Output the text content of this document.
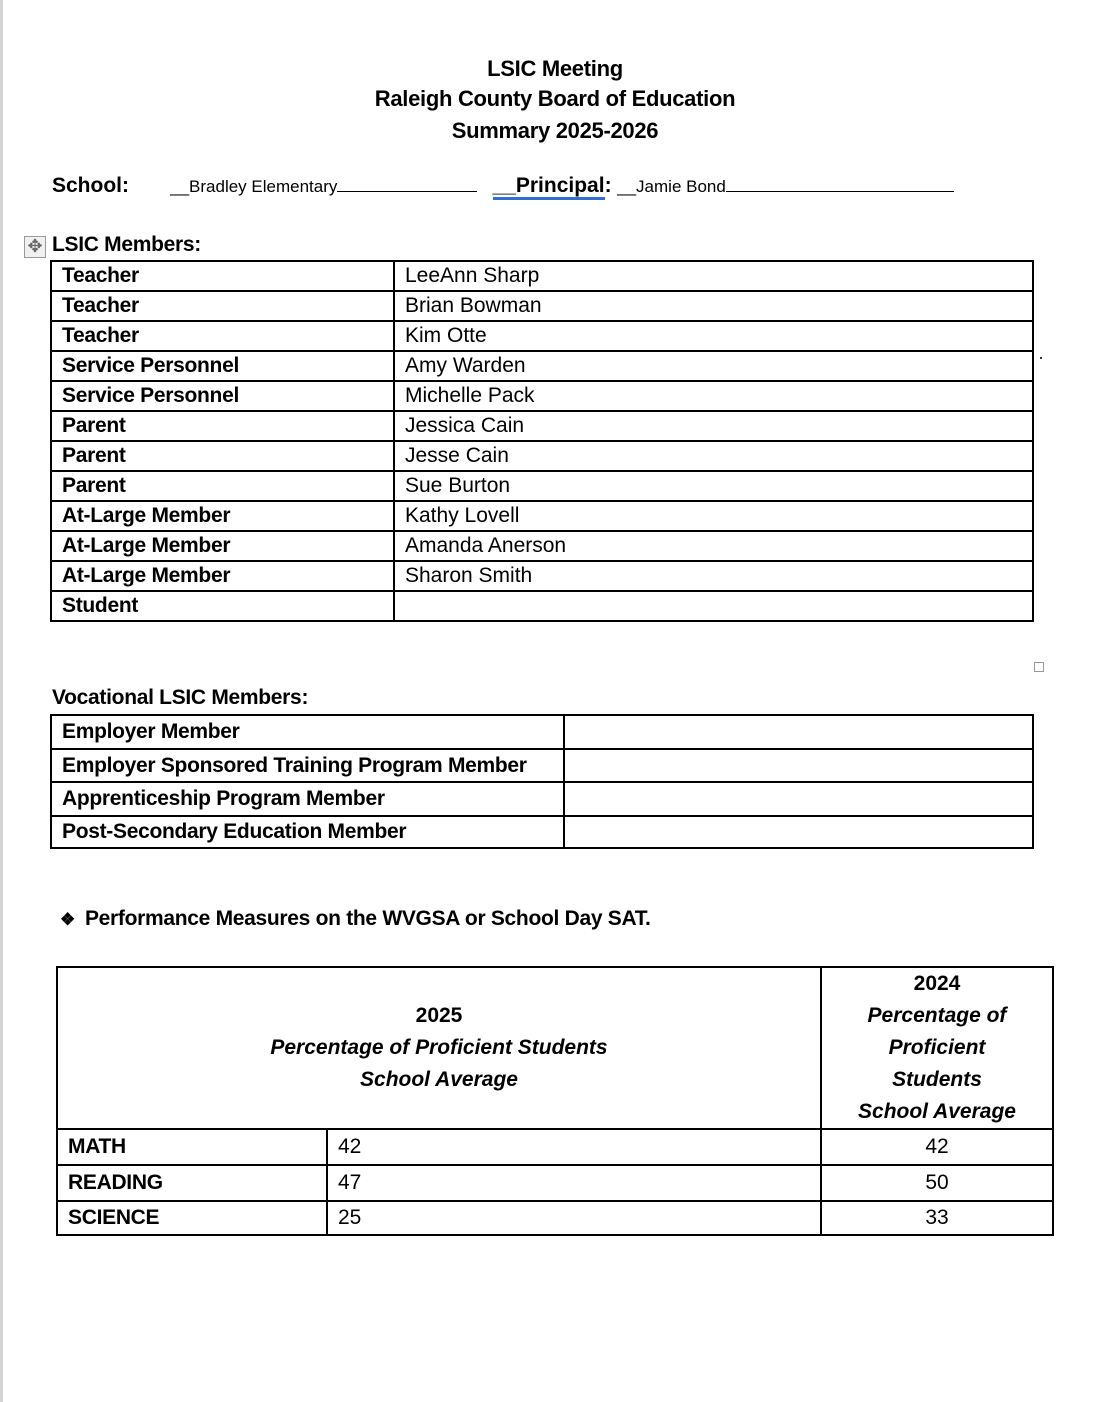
LSIC Meeting
Raleigh County Board of Education
Summary 2025-2026
School: __Bradley Elementary	__Principal: __Jamie Bond
✥ LSIC Members:
Teacher	LeeAnn Sharp
Teacher	Brian Bowman
Teacher	Kim Otte
Service Personnel	Amy Warden
Service Personnel	Michelle Pack
Parent	Jessica Cain
Parent	Jesse Cain
Parent	Sue Burton
At-Large Member	Kathy Lovell
At-Large Member	Amanda Anerson
At-Large Member	Sharon Smith
Student	
Vocational LSIC Members:
Employer Member	
Employer Sponsored Training Program Member	
Apprenticeship Program Member	
Post-Secondary Education Member	
❖ Performance Measures on the WVGSA or School Day SAT.
2025
Percentage of Proficient Students
School Average

2024
Percentage of
Proficient
Students
School Average

MATH	42	42
READING	47	50
SCIENCE	25	33
